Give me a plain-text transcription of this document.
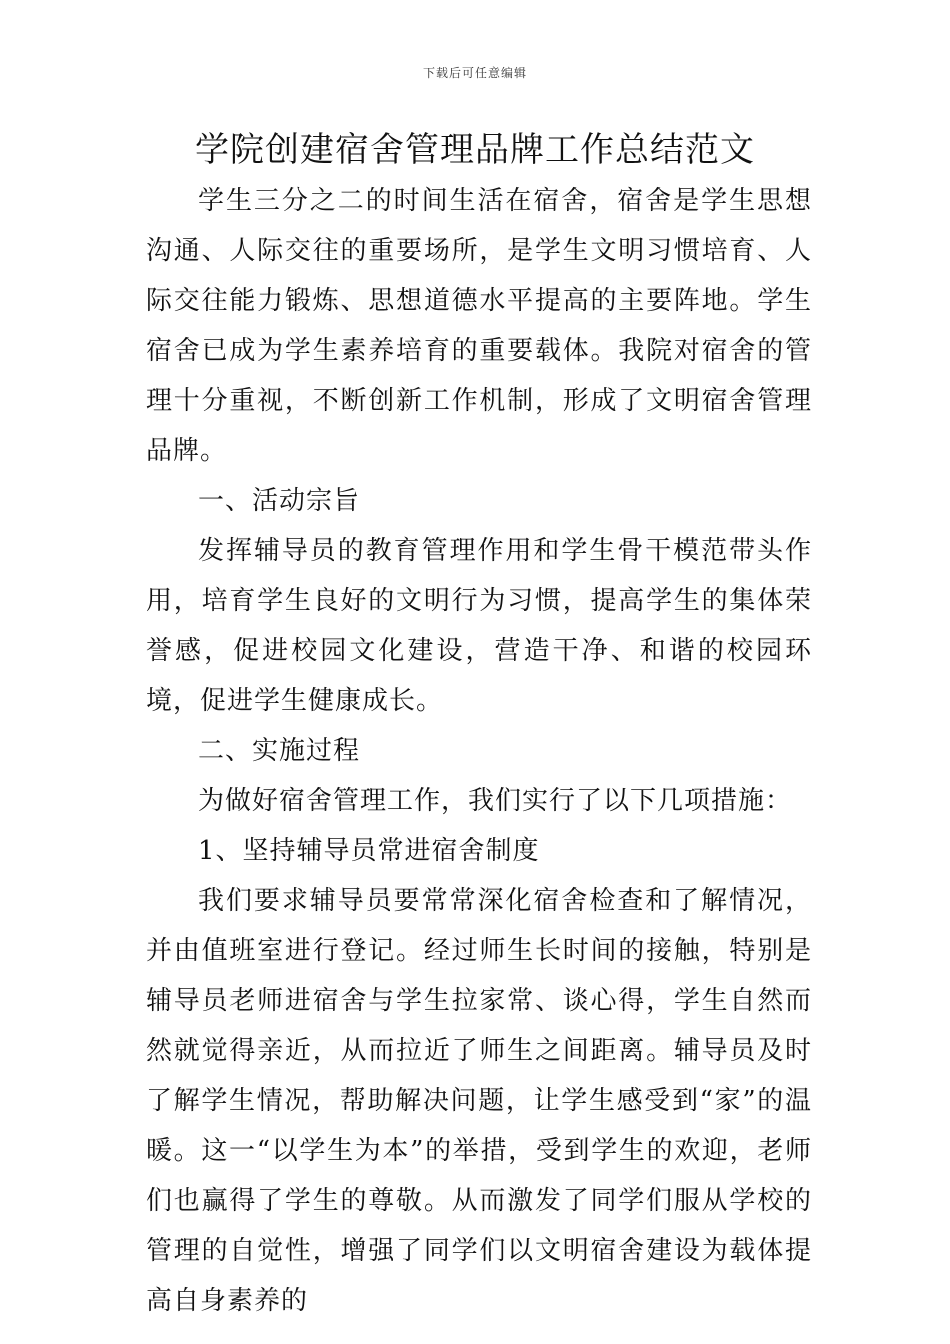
下载后可任意编辑
学院创建宿舍管理品牌工作总结范文

学生三分之二的时间生活在宿舍，宿舍是学生思想沟通、人际交往的重要场所，是学生文明习惯培育、人际交往能力锻炼、思想道德水平提高的主要阵地。学生宿舍已成为学生素养培育的重要载体。我院对宿舍的管理十分重视，不断创新工作机制，形成了文明宿舍管理品牌。

一、活动宗旨

发挥辅导员的教育管理作用和学生骨干模范带头作用，培育学生良好的文明行为习惯，提高学生的集体荣誉感，促进校园文化建设，营造干净、和谐的校园环境，促进学生健康成长。

二、实施过程

为做好宿舍管理工作，我们实行了以下几项措施：

1、坚持辅导员常进宿舍制度

我们要求辅导员要常常深化宿舍检查和了解情况，并由值班室进行登记。经过师生长时间的接触，特别是辅导员老师进宿舍与学生拉家常、谈心得，学生自然而然就觉得亲近，从而拉近了师生之间距离。辅导员及时了解学生情况，帮助解决问题，让学生感受到“家”的温暖。这一“以学生为本”的举措，受到学生的欢迎，老师们也赢得了学生的尊敬。从而激发了同学们服从学校的管理的自觉性，增强了同学们以文明宿舍建设为载体提高自身素养的
